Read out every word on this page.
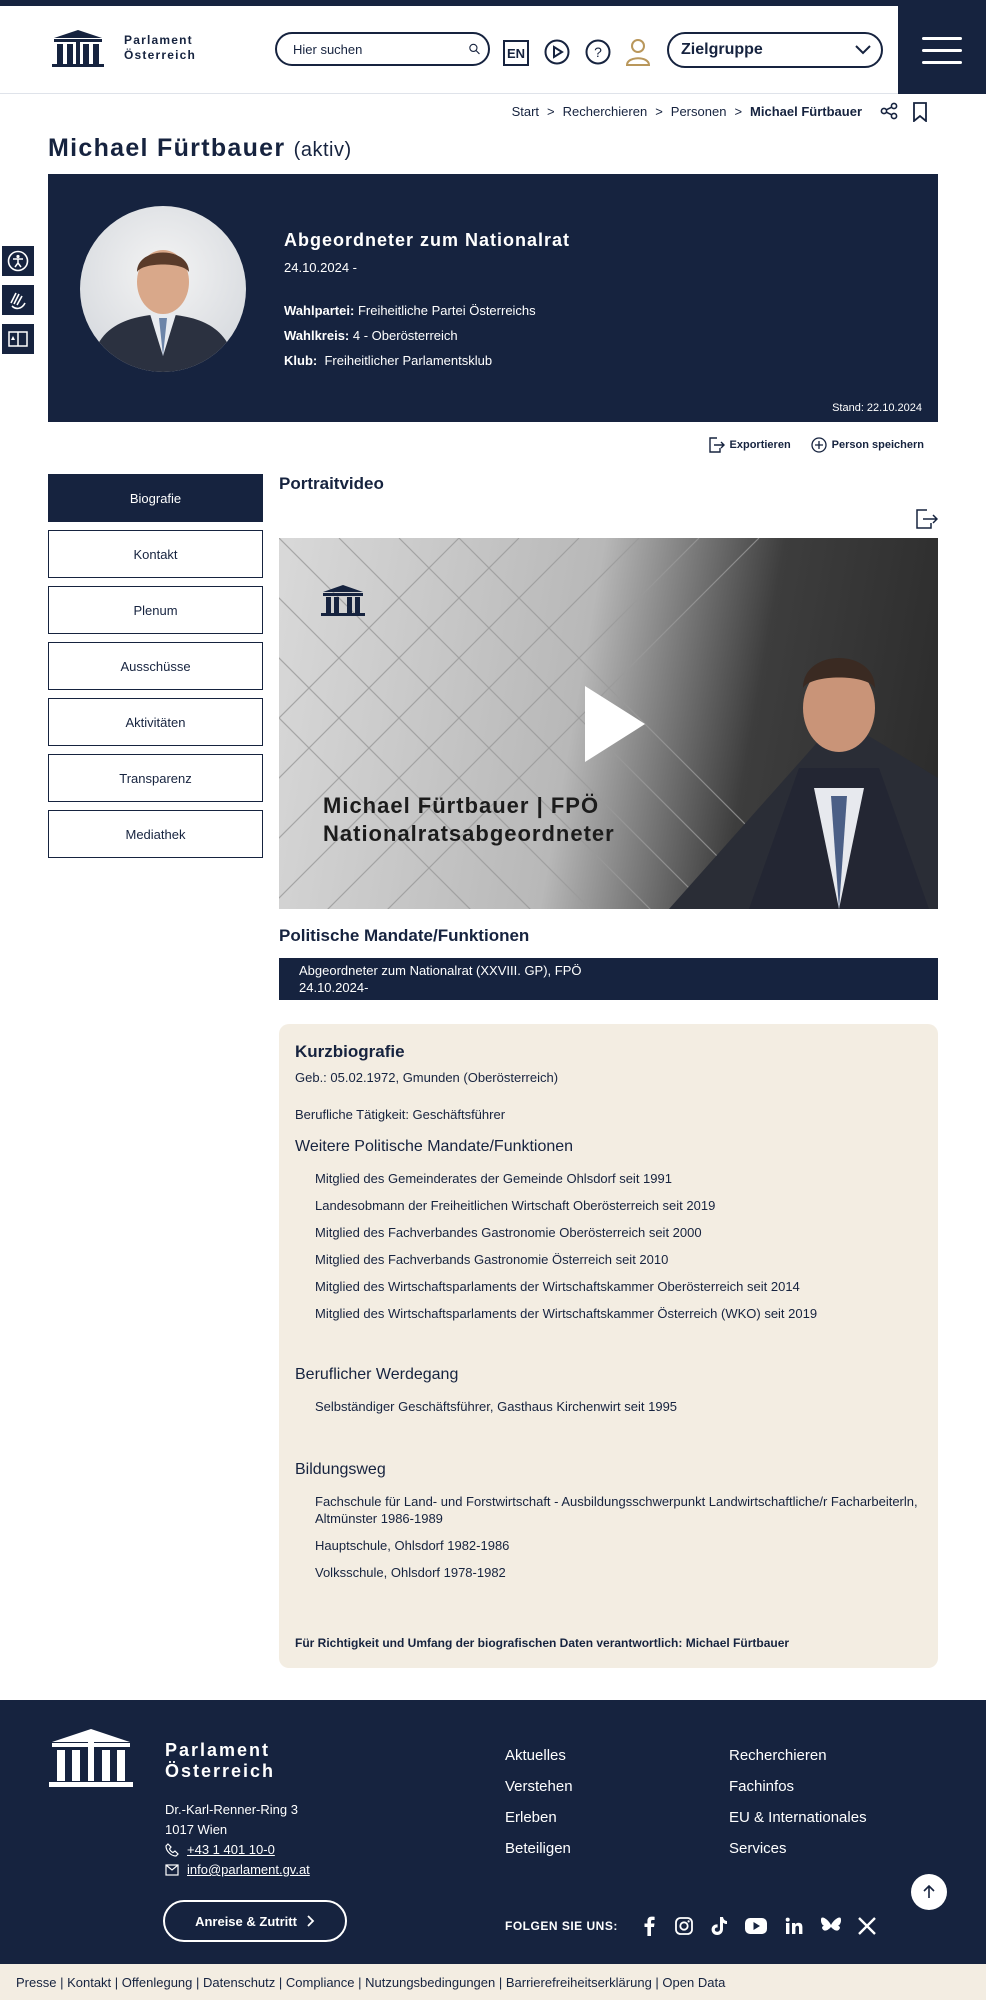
Parlament
Österreich
Hier suchen	EN	?	Zielgruppe
Start > Recherchieren > Personen > Michael Fürtbauer
Michael Fürtbauer (aktiv)
Abgeordneter zum Nationalrat
24.10.2024 -
Wahlpartei: Freiheitliche Partei Österreichs
Wahlkreis: 4 - Oberösterreich
Klub: Freiheitlicher Parlamentsklub
Stand: 22.10.2024
Exportieren	Person speichern
Biografie
Kontakt
Plenum
Ausschüsse
Aktivitäten
Transparenz
Mediathek
Portraitvideo
Michael Fürtbauer | FPÖ
Nationalratsabgeordneter
Politische Mandate/Funktionen
Abgeordneter zum Nationalrat (XXVIII. GP), FPÖ
24.10.2024-
Kurzbiografie
Geb.: 05.02.1972, Gmunden (Oberösterreich)
Berufliche Tätigkeit: Geschäftsführer
Weitere Politische Mandate/Funktionen
Mitglied des Gemeinderates der Gemeinde Ohlsdorf seit 1991
Landesobmann der Freiheitlichen Wirtschaft Oberösterreich seit 2019
Mitglied des Fachverbandes Gastronomie Oberösterreich seit 2000
Mitglied des Fachverbands Gastronomie Österreich seit 2010
Mitglied des Wirtschaftsparlaments der Wirtschaftskammer Oberösterreich seit 2014
Mitglied des Wirtschaftsparlaments der Wirtschaftskammer Österreich (WKO) seit 2019
Beruflicher Werdegang
Selbständiger Geschäftsführer, Gasthaus Kirchenwirt seit 1995
Bildungsweg
Fachschule für Land- und Forstwirtschaft - Ausbildungsschwerpunkt Landwirtschaftliche/r Facharbeiterln, Altmünster 1986-1989
Hauptschule, Ohlsdorf 1982-1986
Volksschule, Ohlsdorf 1978-1982
Für Richtigkeit und Umfang der biografischen Daten verantwortlich: Michael Fürtbauer
Parlament
Österreich
Dr.-Karl-Renner-Ring 3
1017 Wien
+43 1 401 10-0
info@parlament.gv.at
Anreise & Zutritt
Aktuelles
Verstehen
Erleben
Beteiligen
Recherchieren
Fachinfos
EU & Internationales
Services
FOLGEN SIE UNS:
Presse | Kontakt | Offenlegung | Datenschutz | Compliance | Nutzungsbedingungen | Barrierefreiheitserklärung | Open Data
